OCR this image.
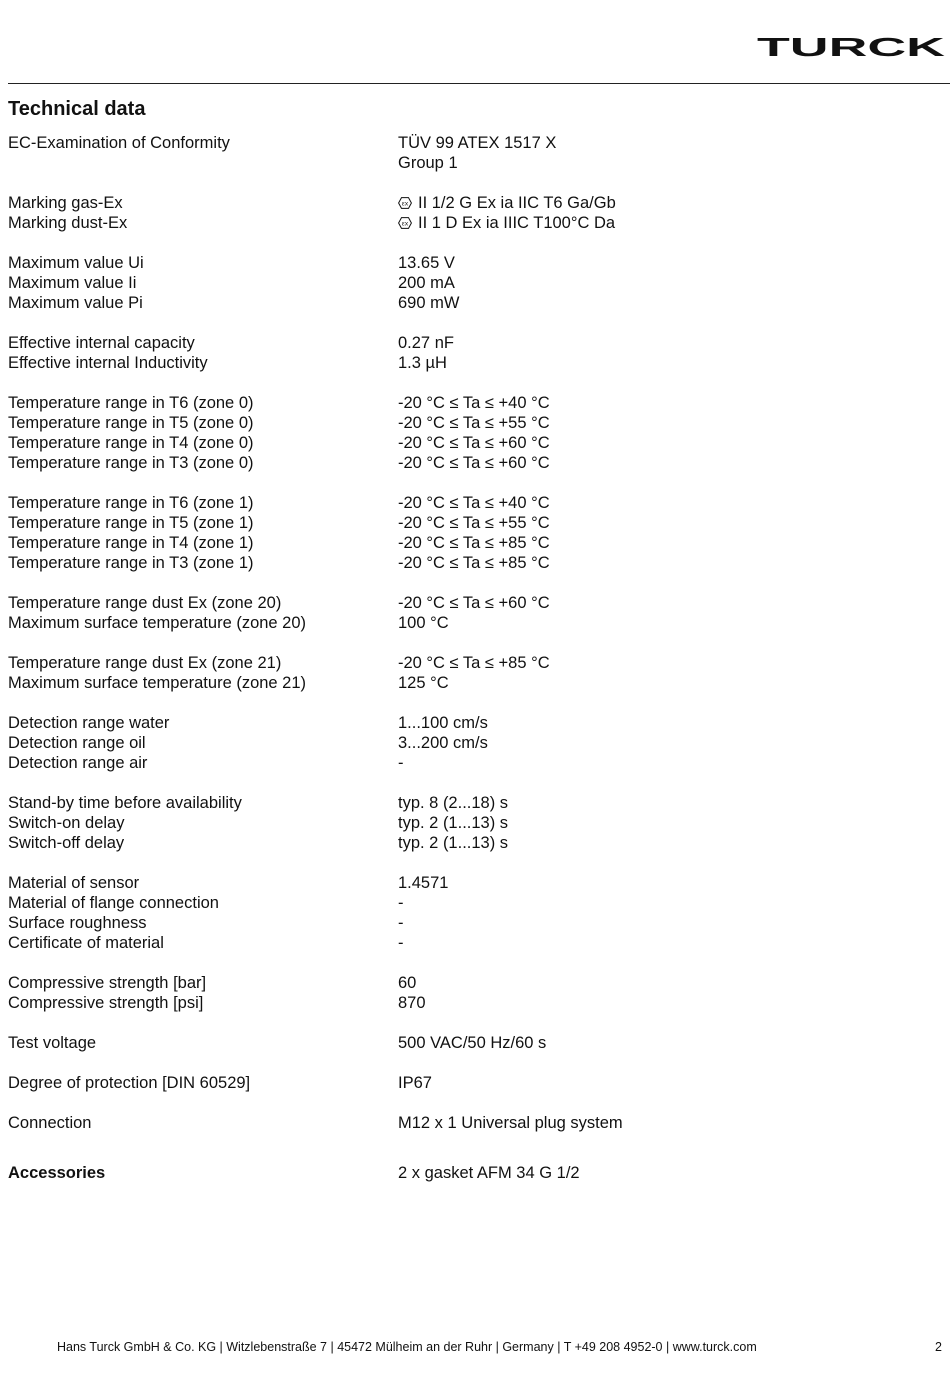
TURCK
Technical data
EC-Examination of Conformity	TÜV 99 ATEX 1517 X
Group 1
Marking gas-Ex	εx II 1/2 G Ex ia IIC T6 Ga/Gb
Marking dust-Ex	εx II 1 D Ex ia IIIC T100°C Da
Maximum value Ui	13.65 V
Maximum value Ii	200 mA
Maximum value Pi	690 mW
Effective internal capacity	0.27 nF
Effective internal Inductivity	1.3 µH
Temperature range in T6 (zone 0)	-20 °C ≤ Ta ≤ +40 °C
Temperature range in T5 (zone 0)	-20 °C ≤ Ta ≤ +55 °C
Temperature range in T4 (zone 0)	-20 °C ≤ Ta ≤ +60 °C
Temperature range in T3 (zone 0)	-20 °C ≤ Ta ≤ +60 °C
Temperature range in T6 (zone 1)	-20 °C ≤ Ta ≤ +40 °C
Temperature range in T5 (zone 1)	-20 °C ≤ Ta ≤ +55 °C
Temperature range in T4 (zone 1)	-20 °C ≤ Ta ≤ +85 °C
Temperature range in T3 (zone 1)	-20 °C ≤ Ta ≤ +85 °C
Temperature range dust Ex (zone 20)	-20 °C ≤ Ta ≤ +60 °C
Maximum surface temperature (zone 20)	100 °C
Temperature range dust Ex (zone 21)	-20 °C ≤ Ta ≤ +85 °C
Maximum surface temperature (zone 21)	125 °C
Detection range water	1...100 cm/s
Detection range oil	3...200 cm/s
Detection range air	-
Stand-by time before availability	typ. 8 (2...18) s
Switch-on delay	typ. 2 (1...13) s
Switch-off delay	typ. 2 (1...13) s
Material of sensor	1.4571
Material of flange connection	-
Surface roughness	-
Certificate of material	-
Compressive strength [bar]	60
Compressive strength [psi]	870
Test voltage	500 VAC/50 Hz/60 s
Degree of protection [DIN 60529]	IP67
Connection	M12 x 1 Universal plug system
Accessories	2 x gasket AFM 34 G 1/2
Hans Turck GmbH & Co. KG | Witzlebenstraße 7 | 45472 Mülheim an der Ruhr | Germany | T +49 208 4952-0 | www.turck.com	2
